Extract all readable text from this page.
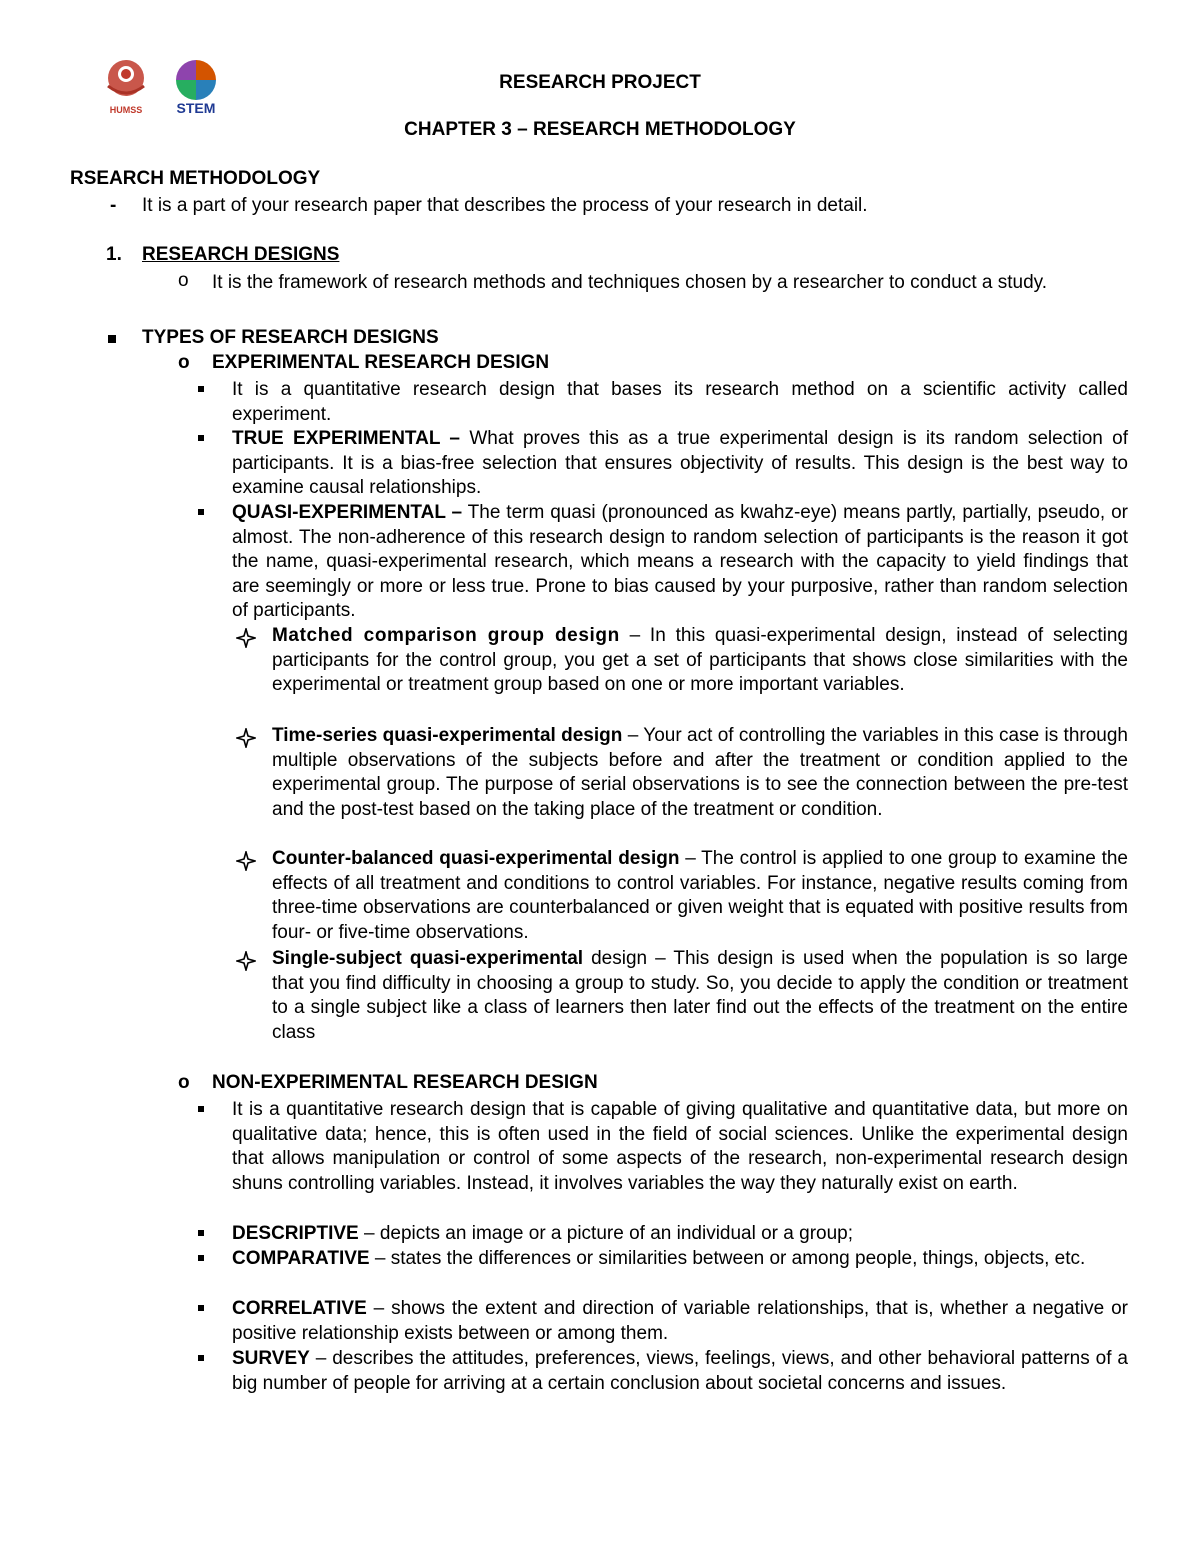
HUMSS STEM
RESEARCH PROJECT
CHAPTER 3 – RESEARCH METHODOLOGY
RSEARCH METHODOLOGY
-	It is a part of your research paper that describes the process of your research in detail.
1. RESEARCH DESIGNS
o	It is the framework of research methods and techniques chosen by a researcher to conduct a study.
TYPES OF RESEARCH DESIGNS
o	EXPERIMENTAL RESEARCH DESIGN
It is a quantitative research design that bases its research method on a scientific activity called experiment.
TRUE EXPERIMENTAL – What proves this as a true experimental design is its random selection of participants. It is a bias-free selection that ensures objectivity of results. This design is the best way to examine causal relationships.
QUASI-EXPERIMENTAL – The term quasi (pronounced as kwahz-eye) means partly, partially, pseudo, or almost. The non-adherence of this research design to random selection of participants is the reason it got the name, quasi-experimental research, which means a research with the capacity to yield findings that are seemingly or more or less true. Prone to bias caused by your purposive, rather than random selection of participants.
Matched comparison group design – In this quasi-experimental design, instead of selecting participants for the control group, you get a set of participants that shows close similarities with the experimental or treatment group based on one or more important variables.
Time-series quasi-experimental design – Your act of controlling the variables in this case is through multiple observations of the subjects before and after the treatment or condition applied to the experimental group. The purpose of serial observations is to see the connection between the pre-test and the post-test based on the taking place of the treatment or condition.
Counter-balanced quasi-experimental design – The control is applied to one group to examine the effects of all treatment and conditions to control variables. For instance, negative results coming from three-time observations are counterbalanced or given weight that is equated with positive results from four- or five-time observations.
Single-subject quasi-experimental design – This design is used when the population is so large that you find difficulty in choosing a group to study. So, you decide to apply the condition or treatment to a single subject like a class of learners then later find out the effects of the treatment on the entire class
o	NON-EXPERIMENTAL RESEARCH DESIGN
It is a quantitative research design that is capable of giving qualitative and quantitative data, but more on qualitative data; hence, this is often used in the field of social sciences. Unlike the experimental design that allows manipulation or control of some aspects of the research, non-experimental research design shuns controlling variables. Instead, it involves variables the way they naturally exist on earth.
DESCRIPTIVE – depicts an image or a picture of an individual or a group;
COMPARATIVE – states the differences or similarities between or among people, things, objects, etc.
CORRELATIVE – shows the extent and direction of variable relationships, that is, whether a negative or positive relationship exists between or among them.
SURVEY – describes the attitudes, preferences, views, feelings, views, and other behavioral patterns of a big number of people for arriving at a certain conclusion about societal concerns and issues.
